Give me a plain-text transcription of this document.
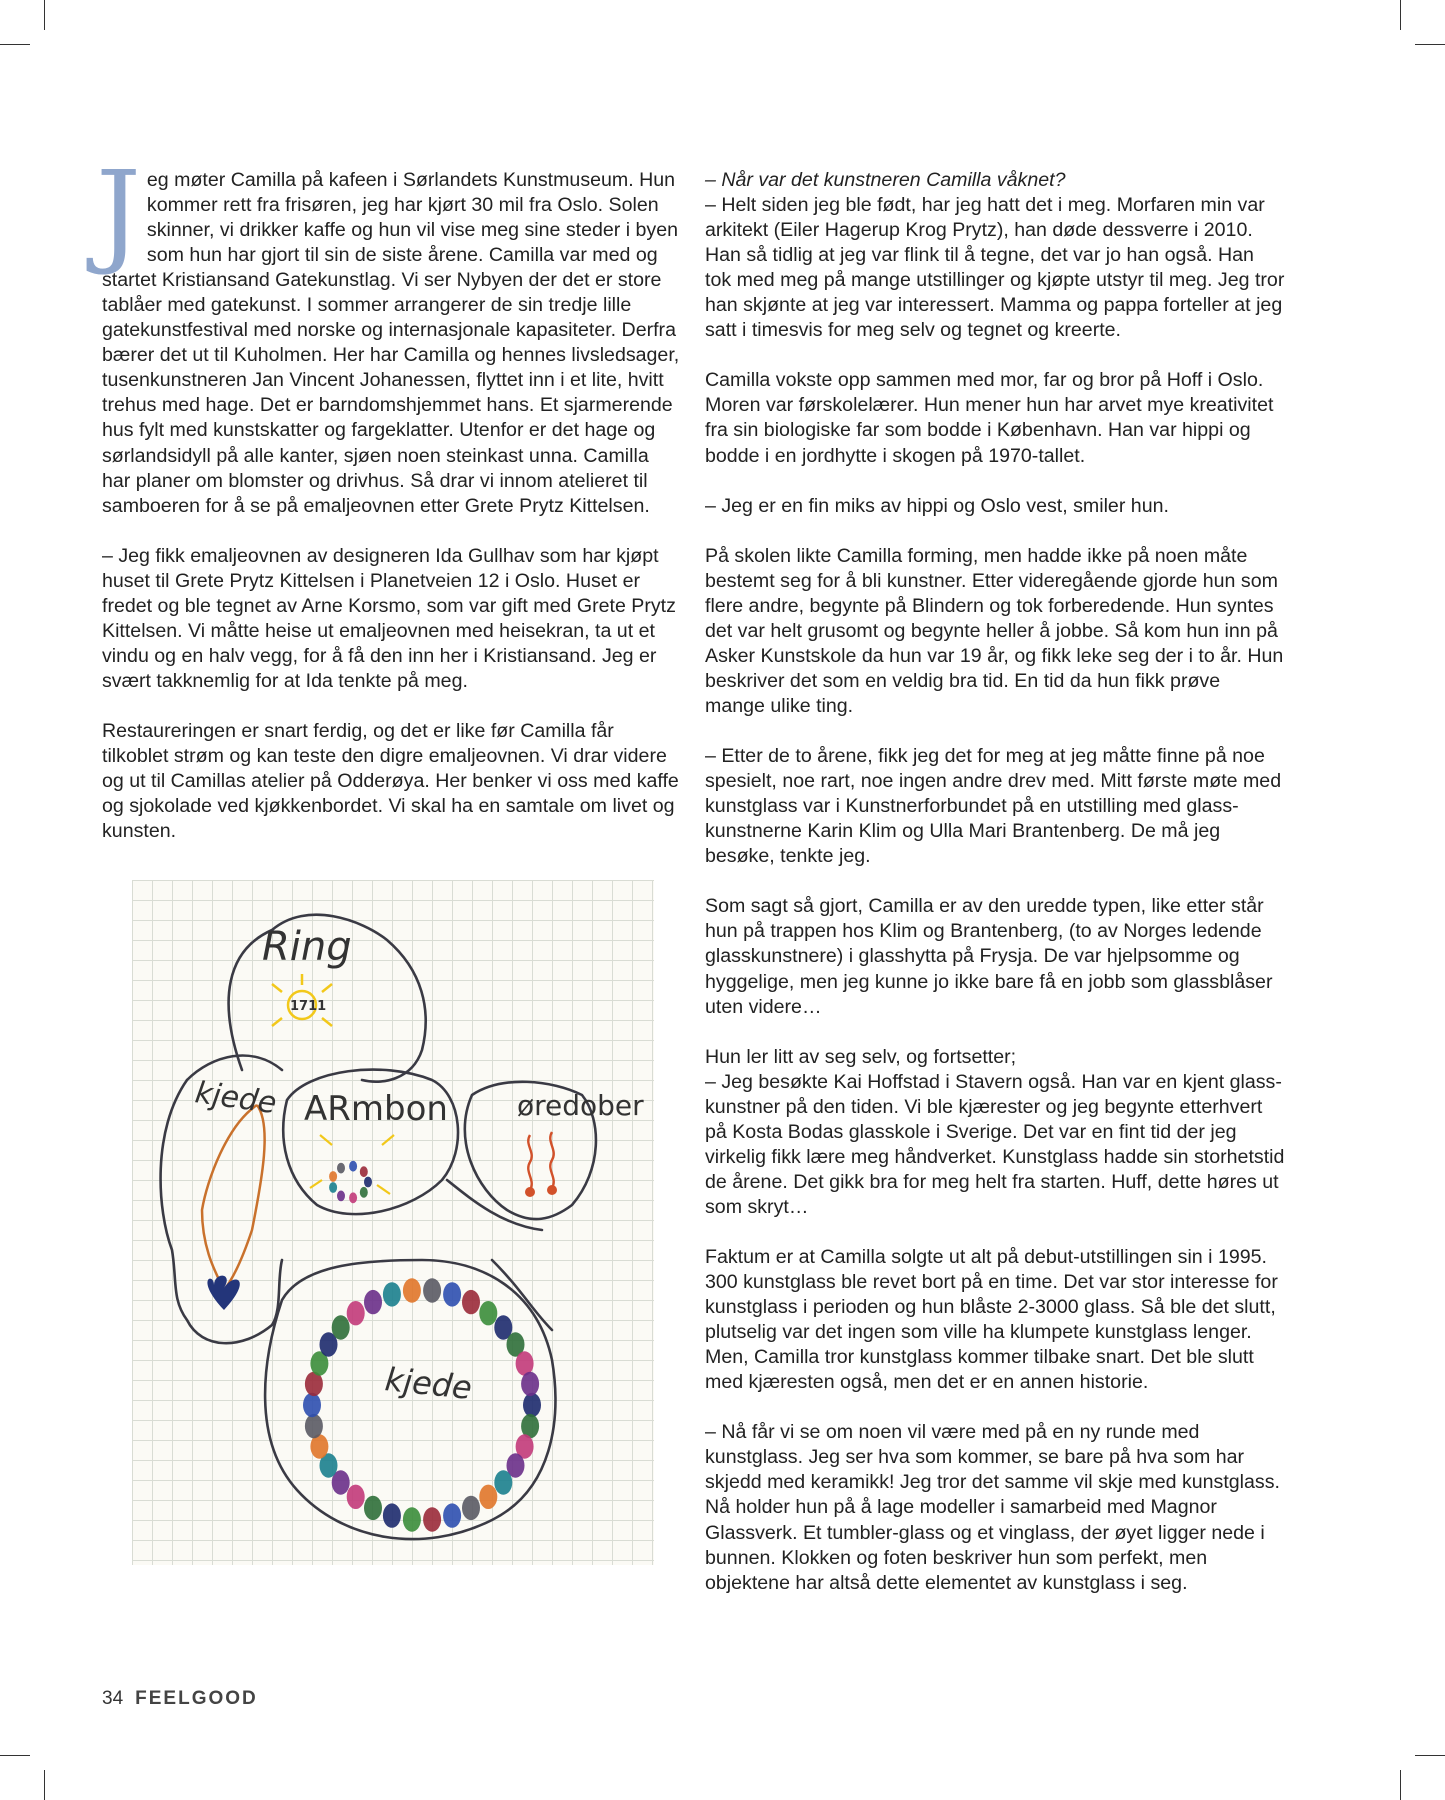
Jeg møter Camilla på kafeen i Sørlandets Kunstmuseum. Hun kommer rett fra frisøren, jeg har kjørt 30 mil fra Oslo. Solen skinner, vi drikker kaffe og hun vil vise meg sine steder i byen som hun har gjort til sin de siste årene. Camilla var med og startet Kristiansand Gatekunstlag. Vi ser Nybyen der det er store tablåer med gatekunst. I sommer arrangerer de sin tredje lille gatekunstfestival med norske og internasjonale kapasiteter. Derfra bærer det ut til Kuholmen. Her har Camilla og hennes livsledsager, tusenkunstneren Jan Vincent Johanessen, flyttet inn i et lite, hvitt trehus med hage. Det er barndomshjemmet hans. Et sjarmerende hus fylt med kunstskatter og fargeklatter. Utenfor er det hage og sørlandsidyll på alle kanter, sjøen noen steinkast unna. Camilla har planer om blomster og drivhus. Så drar vi innom atelieret til samboeren for å se på emaljeovnen etter Grete Prytz Kittelsen.

– Jeg fikk emaljeovnen av designeren Ida Gullhav som har kjøpt huset til Grete Prytz Kittelsen i Planetveien 12 i Oslo. Huset er fredet og ble tegnet av Arne Korsmo, som var gift med Grete Prytz Kittelsen. Vi måtte heise ut emaljeovnen med heisekran, ta ut et vindu og en halv vegg, for å få den inn her i Kristiansand. Jeg er svært takknemlig for at Ida tenkte på meg.

Restaureringen er snart ferdig, og det er like før Camilla får tilkoblet strøm og kan teste den digre emaljeovnen. Vi drar videre og ut til Camillas atelier på Odderøya. Her benker vi oss med kaffe og sjokolade ved kjøkkenbordet. Vi skal ha en samtale om livet og kunsten.

1711
Ring
kjede ARmbon øredober
kjede

– Når var det kunstneren Camilla våknet?
– Helt siden jeg ble født, har jeg hatt det i meg. Morfaren min var arkitekt (Eiler Hagerup Krog Prytz), han døde dessverre i 2010. Han så tidlig at jeg var flink til å tegne, det var jo han også. Han tok med meg på mange utstillinger og kjøpte utstyr til meg. Jeg tror han skjønte at jeg var interessert. Mamma og pappa forteller at jeg satt i timesvis for meg selv og tegnet og kreerte.

Camilla vokste opp sammen med mor, far og bror på Hoff i Oslo. Moren var førskolelærer. Hun mener hun har arvet mye kreativitet fra sin biologiske far som bodde i København. Han var hippi og bodde i en jordhytte i skogen på 1970-tallet.

– Jeg er en fin miks av hippi og Oslo vest, smiler hun.

På skolen likte Camilla forming, men hadde ikke på noen måte bestemt seg for å bli kunstner. Etter videregående gjorde hun som flere andre, begynte på Blindern og tok forberedende. Hun syntes det var helt grusomt og begynte heller å jobbe. Så kom hun inn på Asker Kunstskole da hun var 19 år, og fikk leke seg der i to år. Hun beskriver det som en veldig bra tid. En tid da hun fikk prøve mange ulike ting.

– Etter de to årene, fikk jeg det for meg at jeg måtte finne på noe spesielt, noe rart, noe ingen andre drev med. Mitt første møte med kunstglass var i Kunstnerforbundet på en utstilling med glass-kunstnerne Karin Klim og Ulla Mari Brantenberg. De må jeg besøke, tenkte jeg.

Som sagt så gjort, Camilla er av den uredde typen, like etter står hun på trappen hos Klim og Brantenberg, (to av Norges ledende glasskunstnere) i glasshytta på Frysja. De var hjelpsomme og hyggelige, men jeg kunne jo ikke bare få en jobb som glassblåser uten videre…

Hun ler litt av seg selv, og fortsetter;
– Jeg besøkte Kai Hoffstad i Stavern også. Han var en kjent glass-kunstner på den tiden. Vi ble kjærester og jeg begynte etterhvert på Kosta Bodas glasskole i Sverige. Det var en fint tid der jeg virkelig fikk lære meg håndverket. Kunstglass hadde sin storhetstid de årene. Det gikk bra for meg helt fra starten. Huff, dette høres ut som skryt…

Faktum er at Camilla solgte ut alt på debut-utstillingen sin i 1995. 300 kunstglass ble revet bort på en time. Det var stor interesse for kunstglass i perioden og hun blåste 2-3000 glass. Så ble det slutt, plutselig var det ingen som ville ha klumpete kunstglass lenger. Men, Camilla tror kunstglass kommer tilbake snart. Det ble slutt med kjæresten også, men det er en annen historie.

– Nå får vi se om noen vil være med på en ny runde med kunstglass. Jeg ser hva som kommer, se bare på hva som har skjedd med keramikk! Jeg tror det samme vil skje med kunstglass. Nå holder hun på å lage modeller i samarbeid med Magnor Glassverk. Et tumbler-glass og et vinglass, der øyet ligger nede i bunnen. Klokken og foten beskriver hun som perfekt, men objektene har altså dette elementet av kunstglass i seg.

34 FEELGOOD
